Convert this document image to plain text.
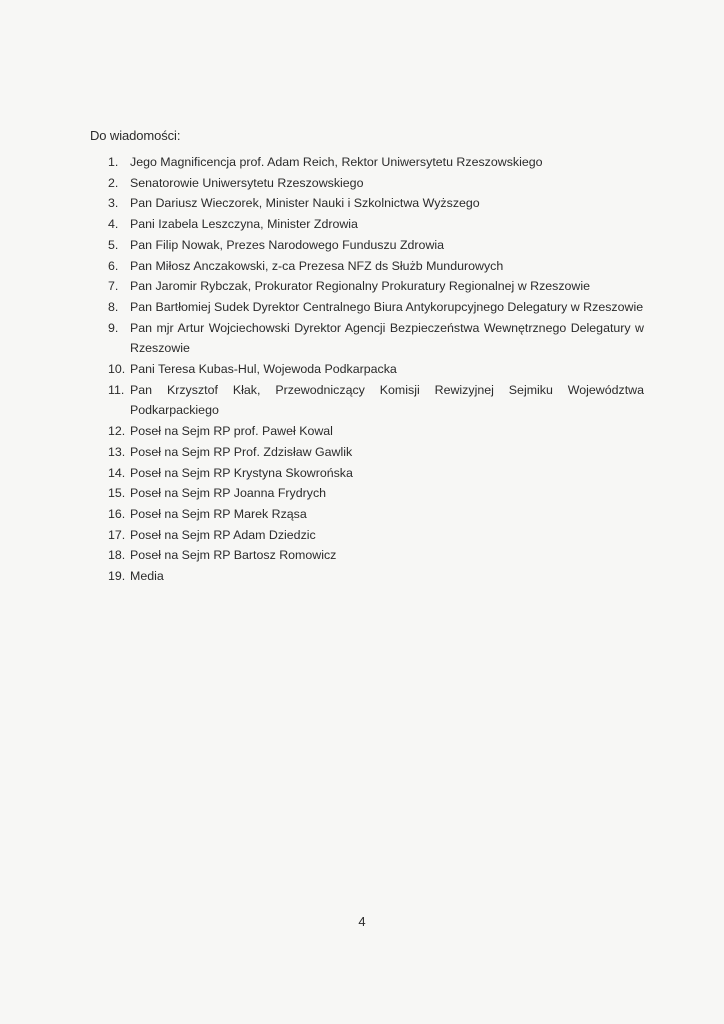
Do wiadomości:
1. Jego Magnificencja prof. Adam Reich, Rektor Uniwersytetu Rzeszowskiego
2. Senatorowie Uniwersytetu Rzeszowskiego
3. Pan Dariusz Wieczorek, Minister Nauki i Szkolnictwa Wyższego
4. Pani Izabela Leszczyna, Minister Zdrowia
5. Pan Filip Nowak, Prezes Narodowego Funduszu Zdrowia
6. Pan Miłosz Anczakowski, z-ca Prezesa NFZ ds Służb Mundurowych
7. Pan Jaromir Rybczak, Prokurator Regionalny Prokuratury Regionalnej w Rzeszowie
8. Pan Bartłomiej Sudek Dyrektor Centralnego Biura Antykorupcyjnego Delegatury w Rzeszowie
9. Pan mjr Artur Wojciechowski Dyrektor Agencji Bezpieczeństwa Wewnętrznego Delegatury w Rzeszowie
10. Pani Teresa Kubas-Hul, Wojewoda Podkarpacka
11. Pan Krzysztof Kłak, Przewodniczący Komisji Rewizyjnej Sejmiku Województwa Podkarpackiego
12. Poseł na Sejm RP prof. Paweł Kowal
13. Poseł na Sejm RP Prof. Zdzisław Gawlik
14. Poseł na Sejm RP Krystyna Skowrońska
15. Poseł na Sejm RP Joanna Frydrych
16. Poseł na Sejm RP Marek Rząsa
17. Poseł na Sejm RP Adam Dziedzic
18. Poseł na Sejm RP Bartosz Romowicz
19. Media
4
